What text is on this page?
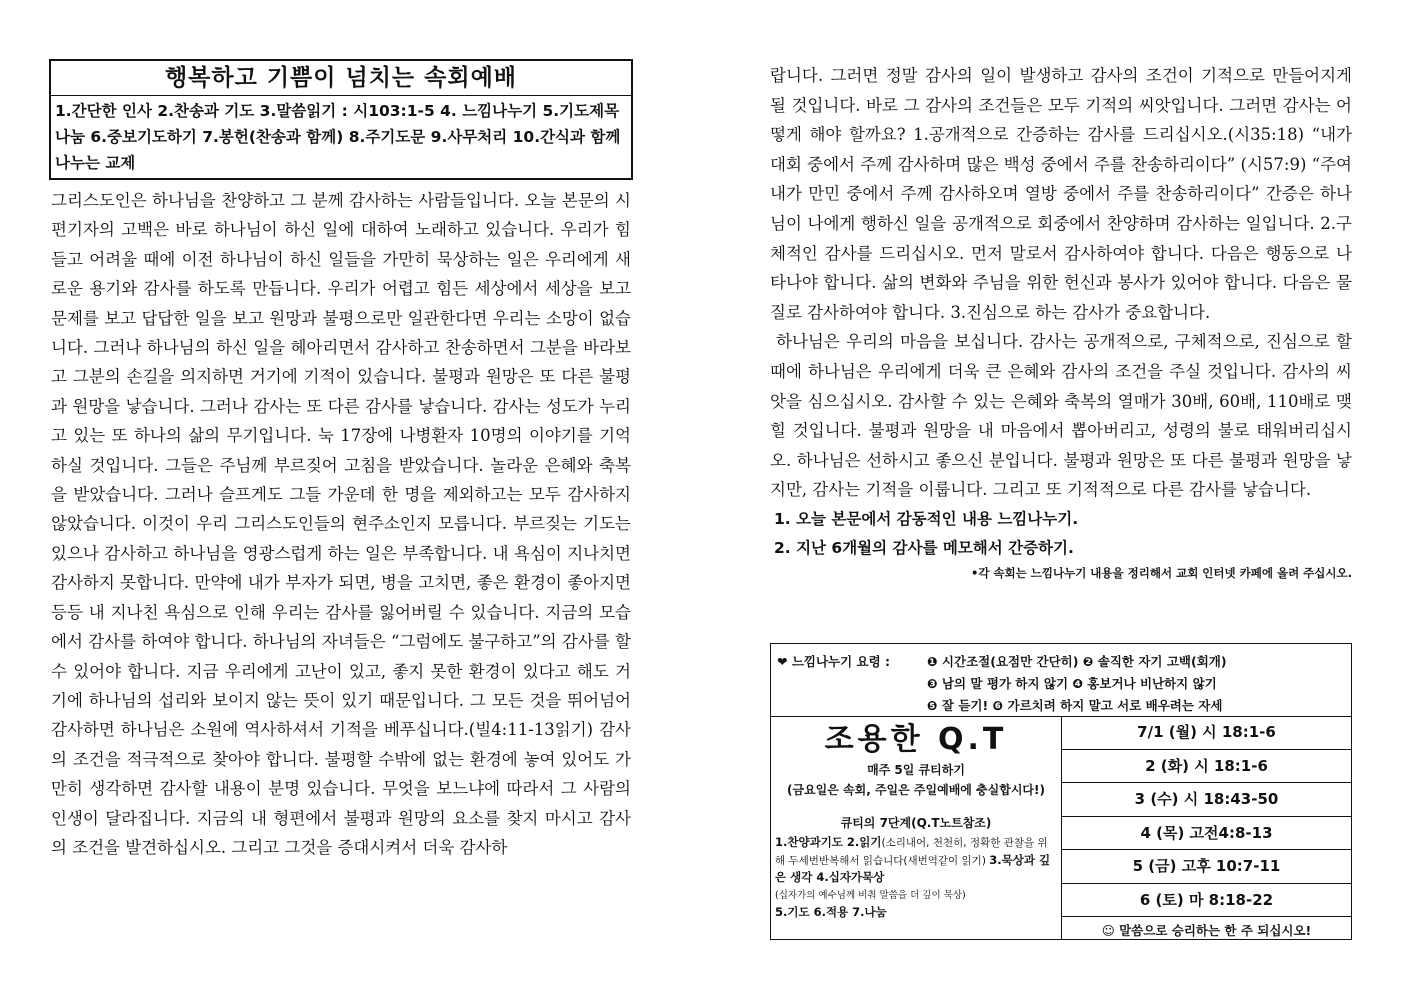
행복하고 기쁨이 넘치는 속회예배
1.간단한 인사 2.찬송과 기도 3.말씀읽기 : 시103:1-5 4. 느낌나누기 5.기도제목 나눔 6.중보기도하기 7.봉헌(찬송과 함께) 8.주기도문 9.사무처리 10.간식과 함께 나누는 교제
그리스도인은 하나님을 찬양하고 그 분께 감사하는 사람들입니다. 오늘 본문의 시편기자의 고백은 바로 하나님이 하신 일에 대하여 노래하고 있습니다. 우리가 힘들고 어려울 때에 이전 하나님이 하신 일들을 가만히 묵상하는 일은 우리에게 새로운 용기와 감사를 하도록 만듭니다. 우리가 어렵고 힘든 세상에서 세상을 보고 문제를 보고 답답한 일을 보고 원망과 불평으로만 일관한다면 우리는 소망이 없습니다. 그러나 하나님의 하신 일을 헤아리면서 감사하고 찬송하면서 그분을 바라보고 그분의 손길을 의지하면 거기에 기적이 있습니다. 불평과 원망은 또 다른 불평과 원망을 낳습니다. 그러나 감사는 또 다른 감사를 낳습니다. 감사는 성도가 누리고 있는 또 하나의 삶의 무기입니다. 눅 17장에 나병환자 10명의 이야기를 기억하실 것입니다. 그들은 주님께 부르짖어 고침을 받았습니다. 놀라운 은혜와 축복을 받았습니다. 그러나 슬프게도 그들 가운데 한 명을 제외하고는 모두 감사하지 않았습니다. 이것이 우리 그리스도인들의 현주소인지 모릅니다. 부르짖는 기도는 있으나 감사하고 하나님을 영광스럽게 하는 일은 부족합니다. 내 욕심이 지나치면 감사하지 못합니다. 만약에 내가 부자가 되면, 병을 고치면, 좋은 환경이 좋아지면 등등 내 지나친 욕심으로 인해 우리는 감사를 잃어버릴 수 있습니다. 지금의 모습에서 감사를 하여야 합니다. 하나님의 자녀들은 “그럼에도 불구하고”의 감사를 할 수 있어야 합니다. 지금 우리에게 고난이 있고, 좋지 못한 환경이 있다고 해도 거기에 하나님의 섭리와 보이지 않는 뜻이 있기 때문입니다. 그 모든 것을 뛰어넘어 감사하면 하나님은 소원에 역사하셔서 기적을 베푸십니다.(빌4:11-13읽기) 감사의 조건을 적극적으로 찾아야 합니다. 불평할 수밖에 없는 환경에 놓여 있어도 가만히 생각하면 감사할 내용이 분명 있습니다. 무엇을 보느냐에 따라서 그 사람의 인생이 달라집니다. 지금의 내 형편에서 불평과 원망의 요소를 찾지 마시고 감사의 조건을 발견하십시오. 그리고 그것을 증대시켜서 더욱 감사하
랍니다. 그러면 정말 감사의 일이 발생하고 감사의 조건이 기적으로 만들어지게 될 것입니다. 바로 그 감사의 조건들은 모두 기적의 씨앗입니다. 그러면 감사는 어떻게 해야 할까요? 1.공개적으로 간증하는 감사를 드리십시오.(시35:18) “내가 대회 중에서 주께 감사하며 많은 백성 중에서 주를 찬송하리이다” (시57:9) “주여 내가 만민 중에서 주께 감사하오며 열방 중에서 주를 찬송하리이다” 간증은 하나님이 나에게 행하신 일을 공개적으로 회중에서 찬양하며 감사하는 일입니다. 2.구체적인 감사를 드리십시오. 먼저 말로서 감사하여야 합니다. 다음은 행동으로 나타나야 합니다. 삶의 변화와 주님을 위한 헌신과 봉사가 있어야 합니다. 다음은 물질로 감사하여야 합니다. 3.진심으로 하는 감사가 중요합니다.
하나님은 우리의 마음을 보십니다. 감사는 공개적으로, 구체적으로, 진심으로 할 때에 하나님은 우리에게 더욱 큰 은혜와 감사의 조건을 주실 것입니다. 감사의 씨앗을 심으십시오. 감사할 수 있는 은혜와 축복의 열매가 30배, 60배, 110배로 맺힐 것입니다. 불평과 원망을 내 마음에서 뽑아버리고, 성령의 불로 태워버리십시오. 하나님은 선하시고 좋으신 분입니다. 불평과 원망은 또 다른 불평과 원망을 낳지만, 감사는 기적을 이룹니다. 그리고 또 기적적으로 다른 감사를 낳습니다.
1. 오늘 본문에서 감동적인 내용 느낌나누기.
2. 지난 6개월의 감사를 메모해서 간증하기.
•각 속회는 느낌나누기 내용을 정리해서 교회 인터넷 카페에 올려 주십시오.
❤ 느낌나누기 요령 :	❶ 시간조절(요점만 간단히) ❷ 솔직한 자기 고백(회개)
❸ 남의 말 평가 하지 않기 ❹ 홍보거나 비난하지 않기
❺ 잘 듣기! ❻ 가르치려 하지 말고 서로 배우려는 자세
조용한 Q.T
매주 5일 큐티하기
(금요일은 속회, 주일은 주일예배에 충실합시다!)
큐티의 7단계(Q.T노트참조)
1.찬양과기도 2.읽기(소리내어, 천천히, 정확한 관찰을 위해 두세번반복해서 읽습니다(새번역같이 읽기) 3.묵상과 깊은 생각 4.십자가묵상
(십자가의 예수님께 비춰 말씀을 더 깊이 묵상)
5.기도 6.적용 7.나눔
7/1 (월) 시 18:1-6
2 (화) 시 18:1-6
3 (수) 시 18:43-50
4 (목) 고전4:8-13
5 (금) 고후 10:7-11
6 (토) 마 8:18-22
☺ 말씀으로 승리하는 한 주 되십시오!
